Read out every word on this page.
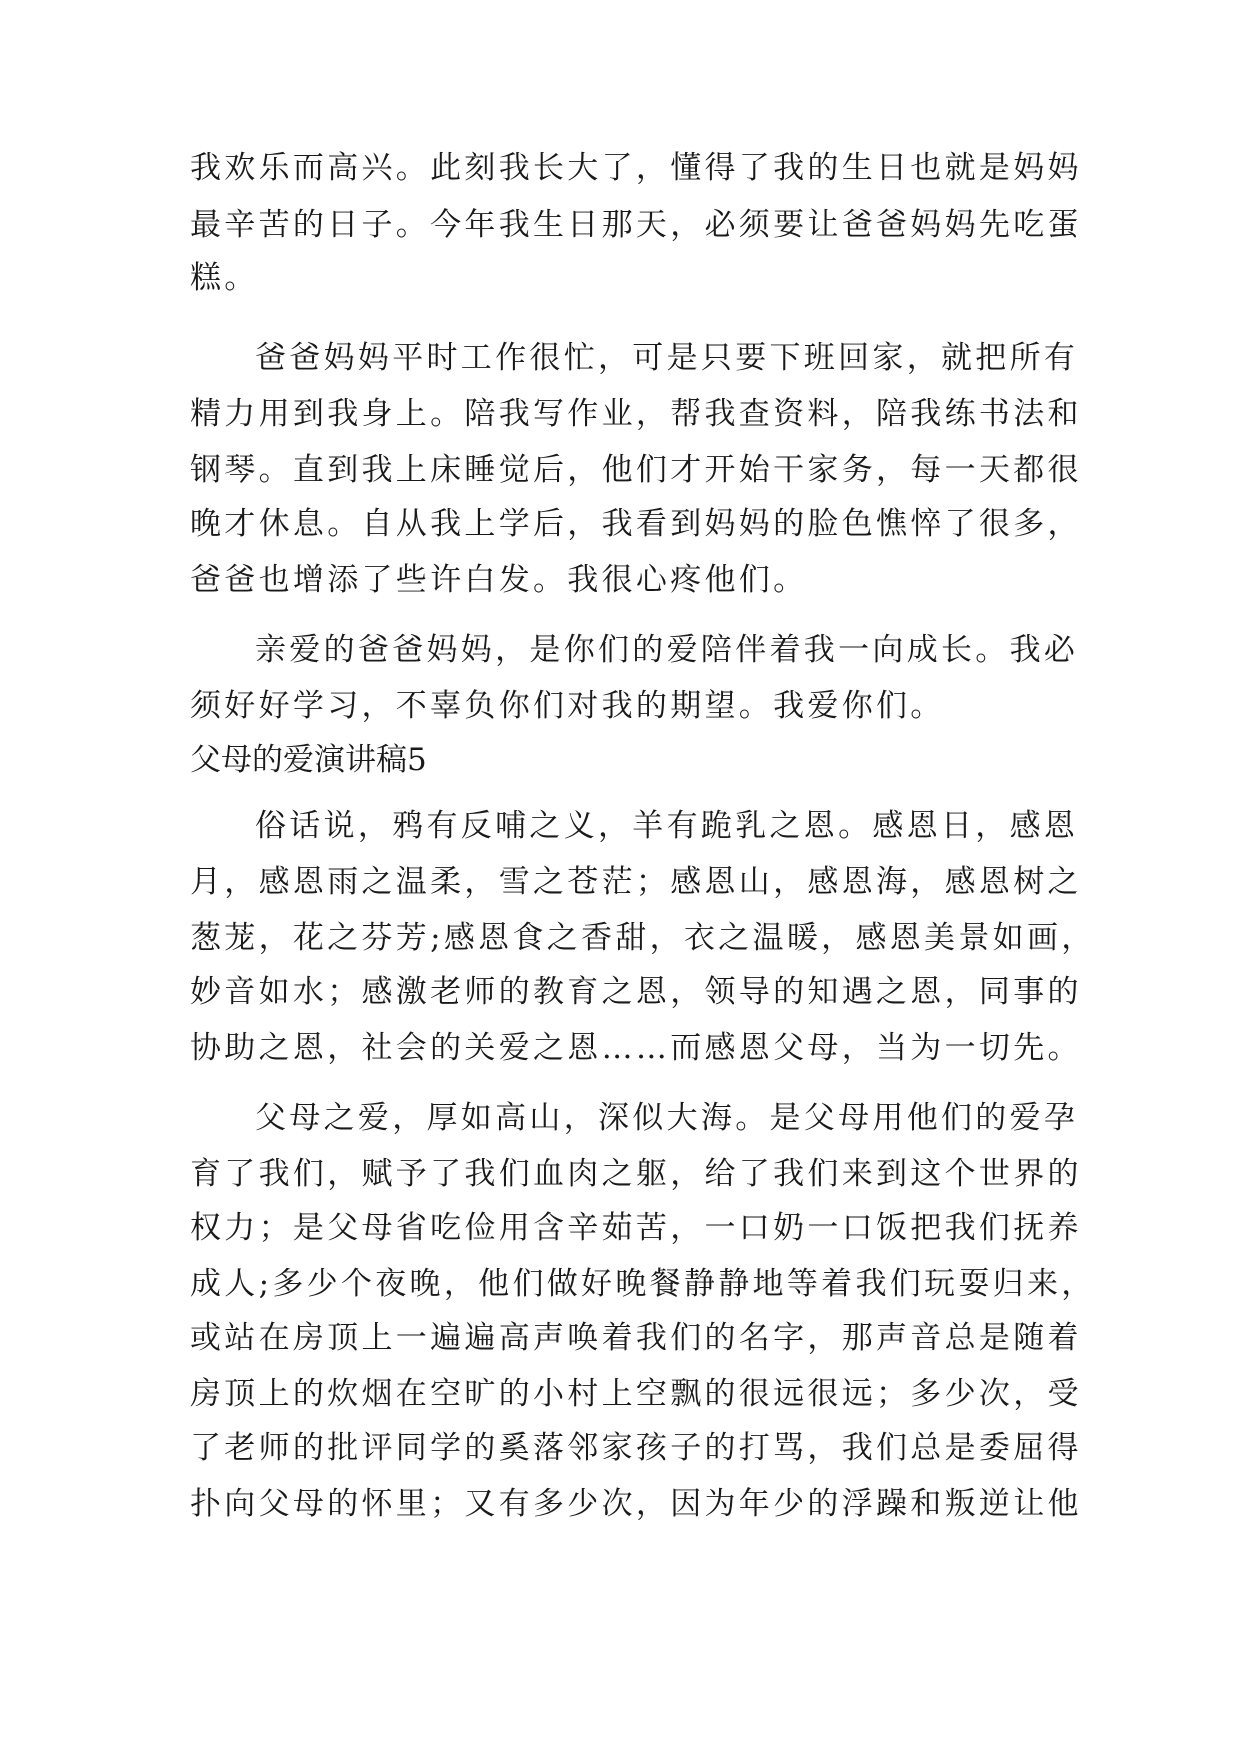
我欢乐而高兴。此刻我长大了，懂得了我的生日也就是妈妈
最辛苦的日子。今年我生日那天，必须要让爸爸妈妈先吃蛋
糕。
爸爸妈妈平时工作很忙，可是只要下班回家，就把所有
精力用到我身上。陪我写作业，帮我查资料，陪我练书法和
钢琴。直到我上床睡觉后，他们才开始干家务，每一天都很
晚才休息。自从我上学后，我看到妈妈的脸色憔悴了很多，
爸爸也增添了些许白发。我很心疼他们。
亲爱的爸爸妈妈，是你们的爱陪伴着我一向成长。我必
须好好学习，不辜负你们对我的期望。我爱你们。
父母的爱演讲稿5
俗话说，鸦有反哺之义，羊有跪乳之恩。感恩日，感恩
月，感恩雨之温柔，雪之苍茫；感恩山，感恩海，感恩树之
葱茏，花之芬芳;感恩食之香甜，衣之温暖，感恩美景如画，
妙音如水；感激老师的教育之恩，领导的知遇之恩，同事的
协助之恩，社会的关爱之恩……而感恩父母，当为一切先。
父母之爱，厚如高山，深似大海。是父母用他们的爱孕
育了我们，赋予了我们血肉之躯，给了我们来到这个世界的
权力；是父母省吃俭用含辛茹苦，一口奶一口饭把我们抚养
成人;多少个夜晚，他们做好晚餐静静地等着我们玩耍归来，
或站在房顶上一遍遍高声唤着我们的名字，那声音总是随着
房顶上的炊烟在空旷的小村上空飘的很远很远；多少次，受
了老师的批评同学的奚落邻家孩子的打骂，我们总是委屈得
扑向父母的怀里；又有多少次，因为年少的浮躁和叛逆让他
